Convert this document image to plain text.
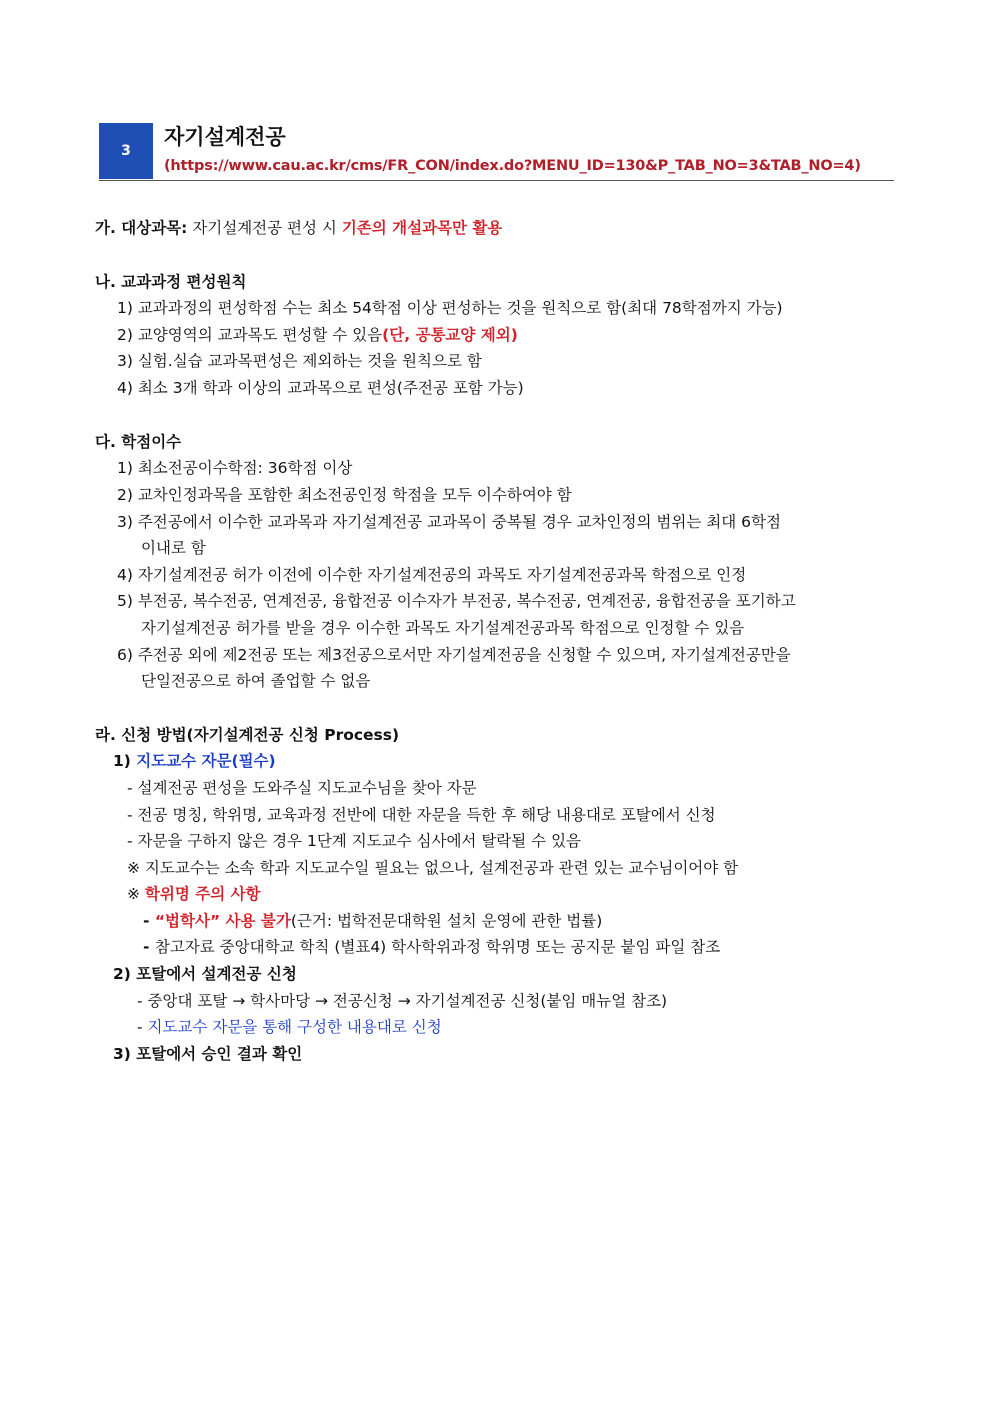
3
자기설계전공
(https://www.cau.ac.kr/cms/FR_CON/index.do?MENU_ID=130&P_TAB_NO=3&TAB_NO=4)
가. 대상과목: 자기설계전공 편성 시 기존의 개설과목만 활용
나. 교과과정 편성원칙
1) 교과과정의 편성학점 수는 최소 54학점 이상 편성하는 것을 원칙으로 함(최대 78학점까지 가능)
2) 교양영역의 교과목도 편성할 수 있음(단, 공통교양 제외)
3) 실험.실습 교과목편성은 제외하는 것을 원칙으로 함
4) 최소 3개 학과 이상의 교과목으로 편성(주전공 포함 가능)
다. 학점이수
1) 최소전공이수학점: 36학점 이상
2) 교차인정과목을 포함한 최소전공인정 학점을 모두 이수하여야 함
3) 주전공에서 이수한 교과목과 자기설계전공 교과목이 중복될 경우 교차인정의 범위는 최대 6학점
이내로 함
4) 자기설계전공 허가 이전에 이수한 자기설계전공의 과목도 자기설계전공과목 학점으로 인정
5) 부전공, 복수전공, 연계전공, 융합전공 이수자가 부전공, 복수전공, 연계전공, 융합전공을 포기하고
자기설계전공 허가를 받을 경우 이수한 과목도 자기설계전공과목 학점으로 인정할 수 있음
6) 주전공 외에 제2전공 또는 제3전공으로서만 자기설계전공을 신청할 수 있으며, 자기설계전공만을
단일전공으로 하여 졸업할 수 없음
라. 신청 방법(자기설계전공 신청 Process)
1) 지도교수 자문(필수)
- 설계전공 편성을 도와주실 지도교수님을 찾아 자문
- 전공 명칭, 학위명, 교육과정 전반에 대한 자문을 득한 후 해당 내용대로 포탈에서 신청
- 자문을 구하지 않은 경우 1단계 지도교수 심사에서 탈락될 수 있음
※ 지도교수는 소속 학과 지도교수일 필요는 없으나, 설계전공과 관련 있는 교수님이어야 함
※ 학위명 주의 사항
- “법학사” 사용 불가(근거: 법학전문대학원 설치 운영에 관한 법률)
- 참고자료 중앙대학교 학칙 (별표4) 학사학위과정 학위명 또는 공지문 붙임 파일 참조
2) 포탈에서 설계전공 신청
- 중앙대 포탈 → 학사마당 → 전공신청 → 자기설계전공 신청(붙임 매뉴얼 참조)
- 지도교수 자문을 통해 구성한 내용대로 신청
3) 포탈에서 승인 결과 확인
